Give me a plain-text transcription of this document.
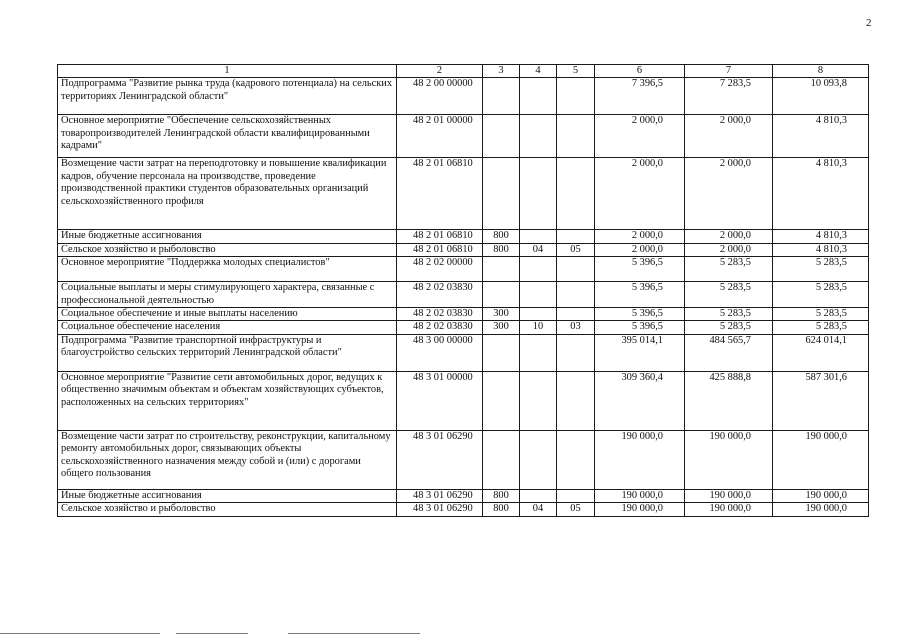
2
1	2	3	4	5	6	7	8
Подпрограмма "Развитие рынка труда (кадрового потенциала) на сельских территориях Ленинградской области"	48 2 00 00000				7 396,5	7 283,5	10 093,8
Основное мероприятие "Обеспечение сельскохозяйственных товаропроизводителей Ленинградской области квалифицированными кадрами"	48 2 01 00000				2 000,0	2 000,0	4 810,3
Возмещение части затрат на переподготовку и повышение квалификации кадров, обучение персонала на производстве, проведение производственной практики студентов образовательных организаций сельскохозяйственного профиля	48 2 01 06810				2 000,0	2 000,0	4 810,3
Иные бюджетные ассигнования	48 2 01 06810	800			2 000,0	2 000,0	4 810,3
Сельское хозяйство и рыболовство	48 2 01 06810	800	04	05	2 000,0	2 000,0	4 810,3
Основное мероприятие "Поддержка молодых специалистов"	48 2 02 00000				5 396,5	5 283,5	5 283,5
Социальные выплаты и меры стимулирующего характера, связанные с профессиональной деятельностью	48 2 02 03830				5 396,5	5 283,5	5 283,5
Социальное обеспечение и иные выплаты населению	48 2 02 03830	300			5 396,5	5 283,5	5 283,5
Социальное обеспечение населения	48 2 02 03830	300	10	03	5 396,5	5 283,5	5 283,5
Подпрограмма "Развитие транспортной инфраструктуры и благоустройство сельских территорий Ленинградской области"	48 3 00 00000				395 014,1	484 565,7	624 014,1
Основное мероприятие "Развитие сети автомобильных дорог, ведущих к общественно значимым объектам и объектам хозяйствующих субъектов, расположенных на сельских территориях"	48 3 01 00000				309 360,4	425 888,8	587 301,6
Возмещение части затрат по строительству, реконструкции, капитальному ремонту автомобильных дорог, связывающих объекты сельскохозяйственного назначения между собой и (или) с дорогами общего пользования	48 3 01 06290				190 000,0	190 000,0	190 000,0
Иные бюджетные ассигнования	48 3 01 06290	800			190 000,0	190 000,0	190 000,0
Сельское хозяйство и рыболовство	48 3 01 06290	800	04	05	190 000,0	190 000,0	190 000,0
